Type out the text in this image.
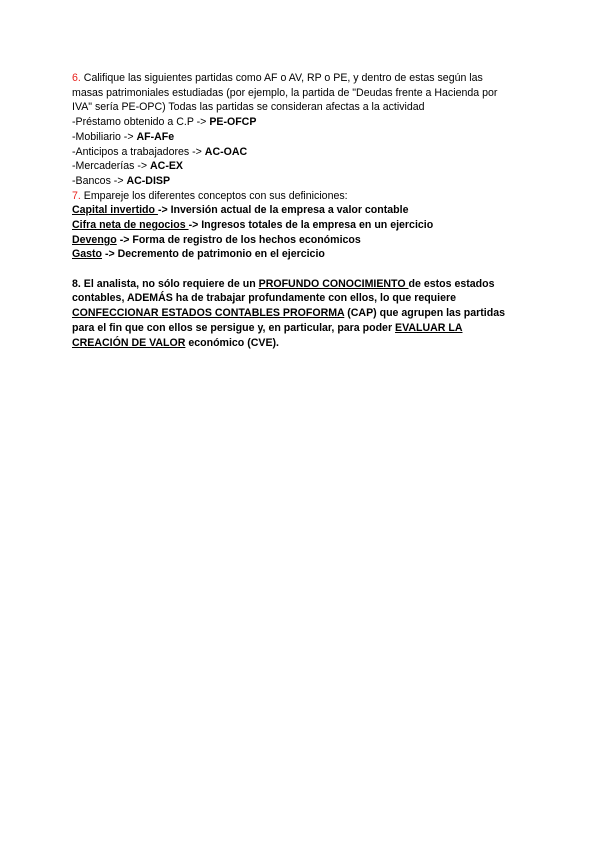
6. Califique las siguientes partidas como AF o AV, RP o PE, y dentro de estas según las
masas patrimoniales estudiadas (por ejemplo, la partida de "Deudas frente a Hacienda por
IVA" sería PE-OPC) Todas las partidas se consideran afectas a la actividad
-Préstamo obtenido a C.P -> PE-OFCP
-Mobiliario -> AF-AFe
-Anticipos a trabajadores -> AC-OAC
-Mercaderías -> AC-EX
-Bancos -> AC-DISP
7. Empareje los diferentes conceptos con sus definiciones:
Capital invertido -> Inversión actual de la empresa a valor contable
Cifra neta de negocios -> Ingresos totales de la empresa en un ejercicio
Devengo -> Forma de registro de los hechos económicos
Gasto -> Decremento de patrimonio en el ejercicio
8. El analista, no sólo requiere de un PROFUNDO CONOCIMIENTO de estos estados
contables, ADEMÁS ha de trabajar profundamente con ellos, lo que requiere
CONFECCIONAR ESTADOS CONTABLES PROFORMA (CAP) que agrupen las partidas
para el fin que con ellos se persigue y, en particular, para poder EVALUAR LA
CREACIÓN DE VALOR económico (CVE).
